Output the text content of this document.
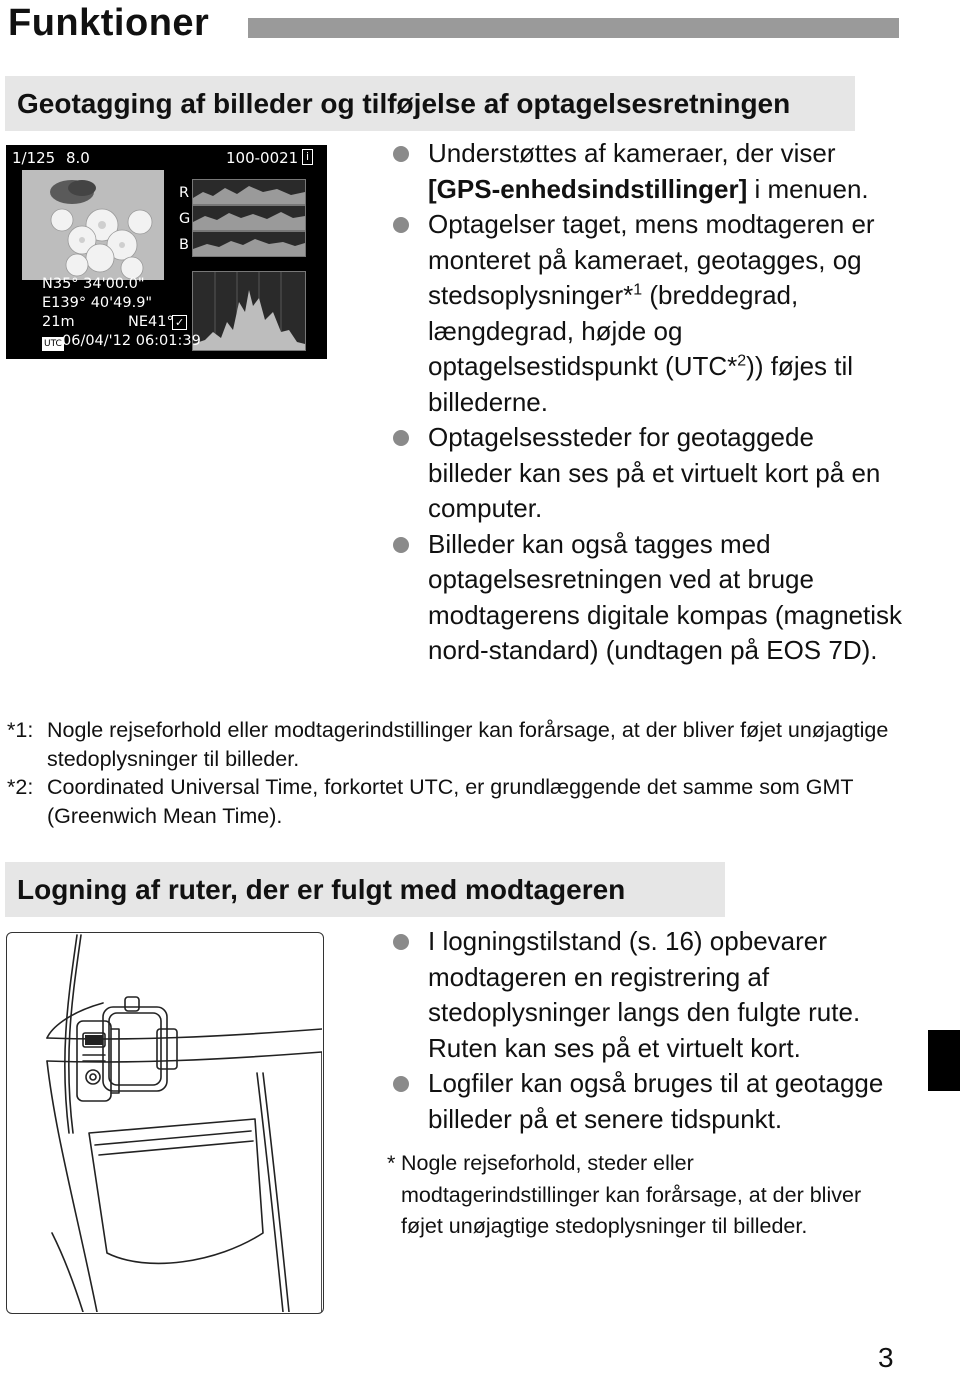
Funktioner
Geotagging af billeder og tilføjelse af optagelsesretningen
1/125 8.0	100-0021 i
R
G
B
N35° 34'00.0"
E139° 40'49.9"
21m	NE41° ✓
UTC 06/04/'12 06:01:39
Understøttes af kameraer, der viser [GPS-enhedsindstillinger] i menuen.
Optagelser taget, mens modtageren er monteret på kameraet, geotagges, og stedsoplysninger*$^1$ (breddegrad, længdegrad, højde og optagelsestidspunkt (UTC*$^2$)) føjes til billederne.
Optagelsessteder for geotaggede billeder kan ses på et virtuelt kort på en computer.
Billeder kan også tagges med optagelsesretningen ved at bruge modtagerens digitale kompas (magnetisk nord-standard) (undtagen på EOS 7D).
*1: Nogle rejseforhold eller modtagerindstillinger kan forårsage, at der bliver føjet unøjagtige stedoplysninger til billeder.
*2: Coordinated Universal Time, forkortet UTC, er grundlæggende det samme som GMT (Greenwich Mean Time).
Logning af ruter, der er fulgt med modtageren
I logningstilstand (s. 16) opbevarer modtageren en registrering af stedoplysninger langs den fulgte rute. Ruten kan ses på et virtuelt kort.
Logfiler kan også bruges til at geotagge billeder på et senere tidspunkt.
* Nogle rejseforhold, steder eller modtagerindstillinger kan forårsage, at der bliver føjet unøjagtige stedoplysninger til billeder.
3
